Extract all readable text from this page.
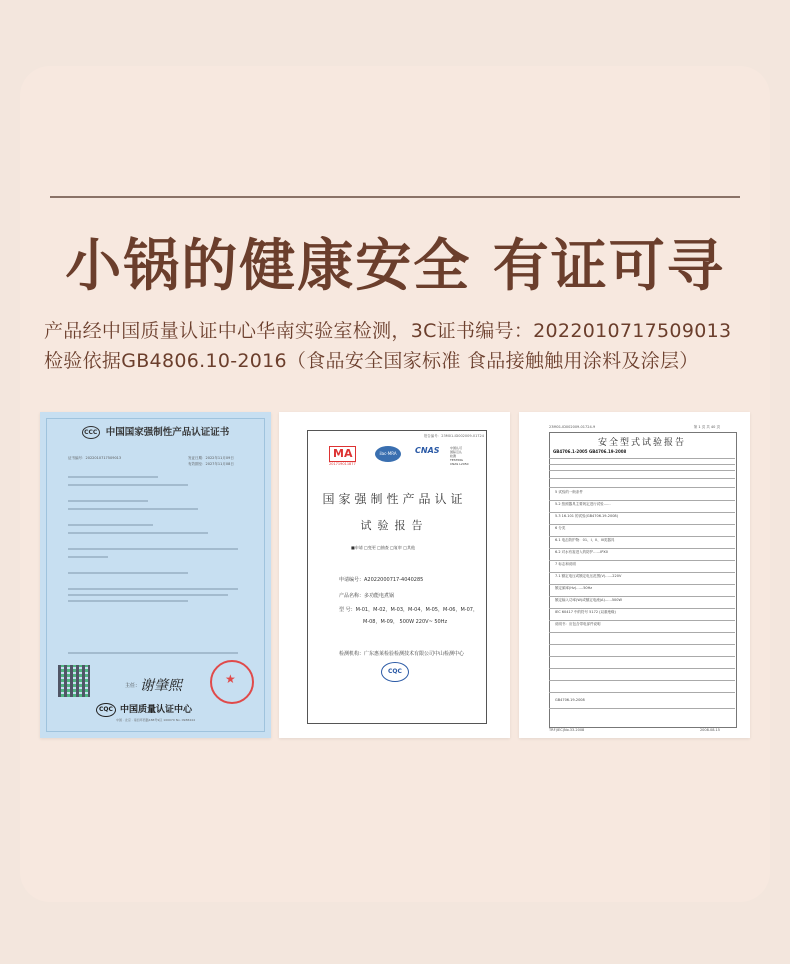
小锅的健康安全 有证可寻
产品经中国质量认证中心华南实验室检测，3C证书编号：2022010717509013
检验依据GB4806.10-2016（食品安全国家标准 食品接触触用涂料及涂层）
CCC 中国国家强制性产品认证证书
证书编号：2022010717509013	发证日期：2022年11月09日
有效期至：2027年11月08日
主任： 谢肇熙
★
CQC 中国质量认证中心
中国 · 北京 · 南四环西路188号9区 100070 No. 0988444
报告编号：23M01-ID002009-01724
MA
201719011877
ilac-MRA	CNAS	中国认可
国际互认
检测
TESTING
CNAS L2050
国家强制性产品认证
试验报告
■申请 □变更 □抽查 □复审 □其他
申请编号：A2022000717-4040285
产品名称：多功能电煮锅
型 号：M-01，M-02，M-03，M-04，M-05，M-06，M-07，
M-08，M-09， 500W 220V~ 50Hz
检测机构：广东惠莱检验检测技术有限公司中山检测中心
CQC
23M01-ID002009-01724-9	第 1 页 共 40 页
安全型式试验报告
GB4706.1-2005 GB4706.19-2008
5 试验的一般条件
5.2 按照器具主要规定进行试验……
5.3 16.101 的试验(GB4706.19-2008)
6 分类
6.1 电击防护物：01、I、II、III类器具
6.2 对水有害进入的防护……IPX0
7 标志和说明
7.1 额定电压或额定电压范围(V)……220V
额定频率(Hz)……50Hz
额定输入功率(W)或额定电流(A)……500W
IEC 60417 中的符号 5172 (双重绝缘)
说明书：应包含带电部件说明
GB4706.19-2008
TRF(IEC)No.33.2008	2008.08.15
